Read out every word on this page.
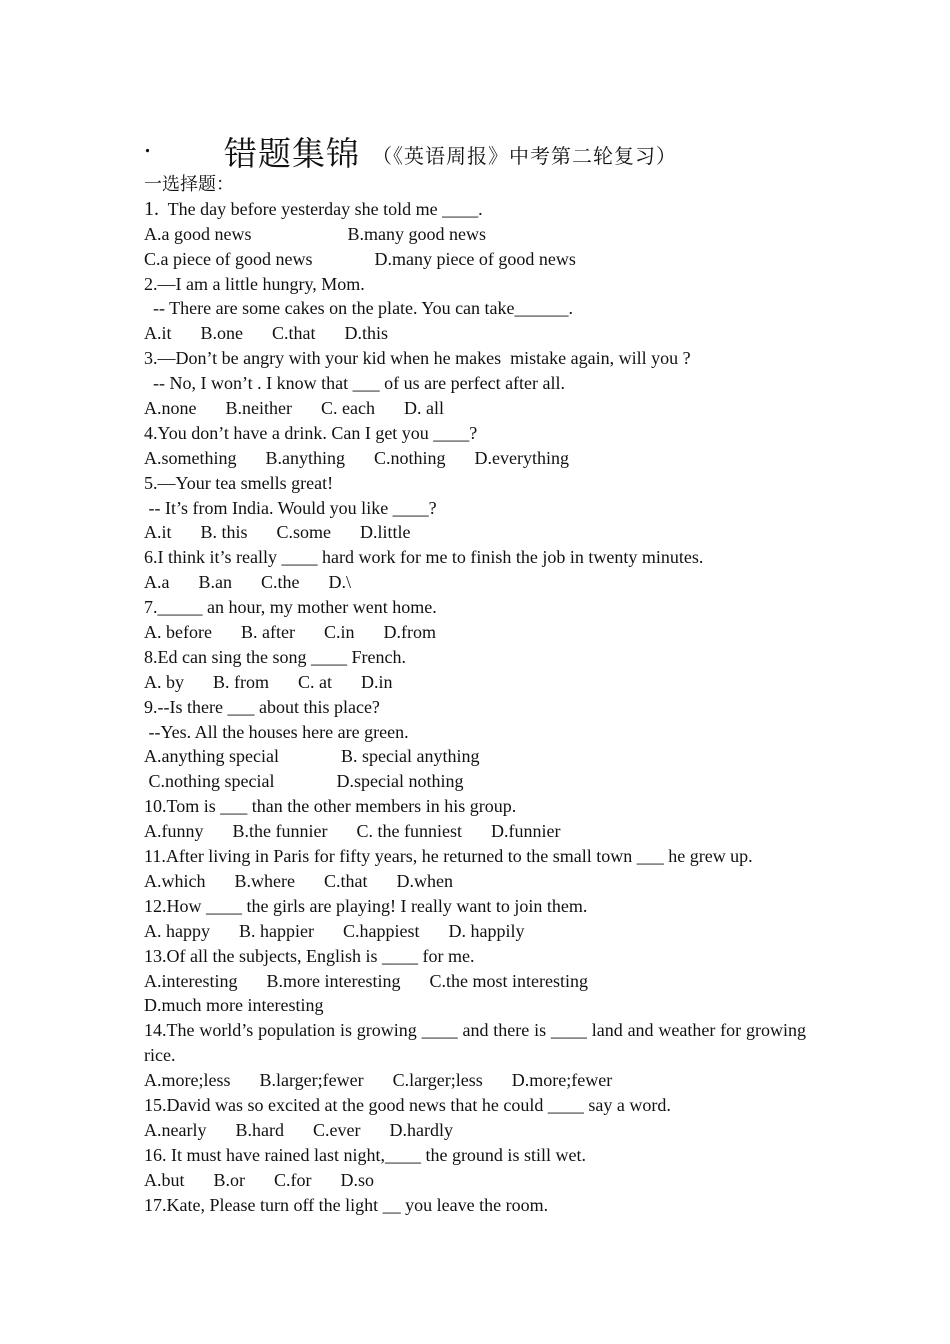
. 错题集锦 （《英语周报》中考第二轮复习）
一选择题：
1.  The day before yesterday she told me ____.
A.a good news	B.many good news
C.a piece of good news	D.many piece of good news
2.—I am a little hungry, Mom.
-- There are some cakes on the plate. You can take______.
A.it B.one C.that D.this
3.—Don’t be angry with your kid when he makes  mistake again, will you ?
-- No, I won’t . I know that ___ of us are perfect after all.
A.none B.neither C. each D. all
4.You don’t have a drink. Can I get you ____?
A.something B.anything C.nothing D.everything
5.—Your tea smells great!
-- It’s from India. Would you like ____?
A.it B. this C.some D.little
6.I think it’s really ____ hard work for me to finish the job in twenty minutes.
A.a B.an C.the D.\
7._____ an hour, my mother went home.
A. before B. after C.in D.from
8.Ed can sing the song ____ French.
A. by B. from C. at D.in
9.--Is there ___ about this place?
--Yes. All the houses here are green.
A.anything special	B. special anything
C.nothing special	D.special nothing
10.Tom is ___ than the other members in his group.
A.funny B.the funnier C. the funniest D.funnier
11.After living in Paris for fifty years, he returned to the small town ___ he grew up.
A.which B.where C.that D.when
12.How ____ the girls are playing! I really want to join them.
A. happy B. happier C.happiest D. happily
13.Of all the subjects, English is ____ for me.
A.interesting B.more interesting C.the most interesting
D.much more interesting
14.The world’s population is growing ____ and there is ____ land and weather for growing rice.
A.more;less B.larger;fewer C.larger;less D.more;fewer
15.David was so excited at the good news that he could ____ say a word.
A.nearly B.hard C.ever D.hardly
16. It must have rained last night,____ the ground is still wet.
A.but B.or C.for D.so
17.Kate, Please turn off the light __ you leave the room.
